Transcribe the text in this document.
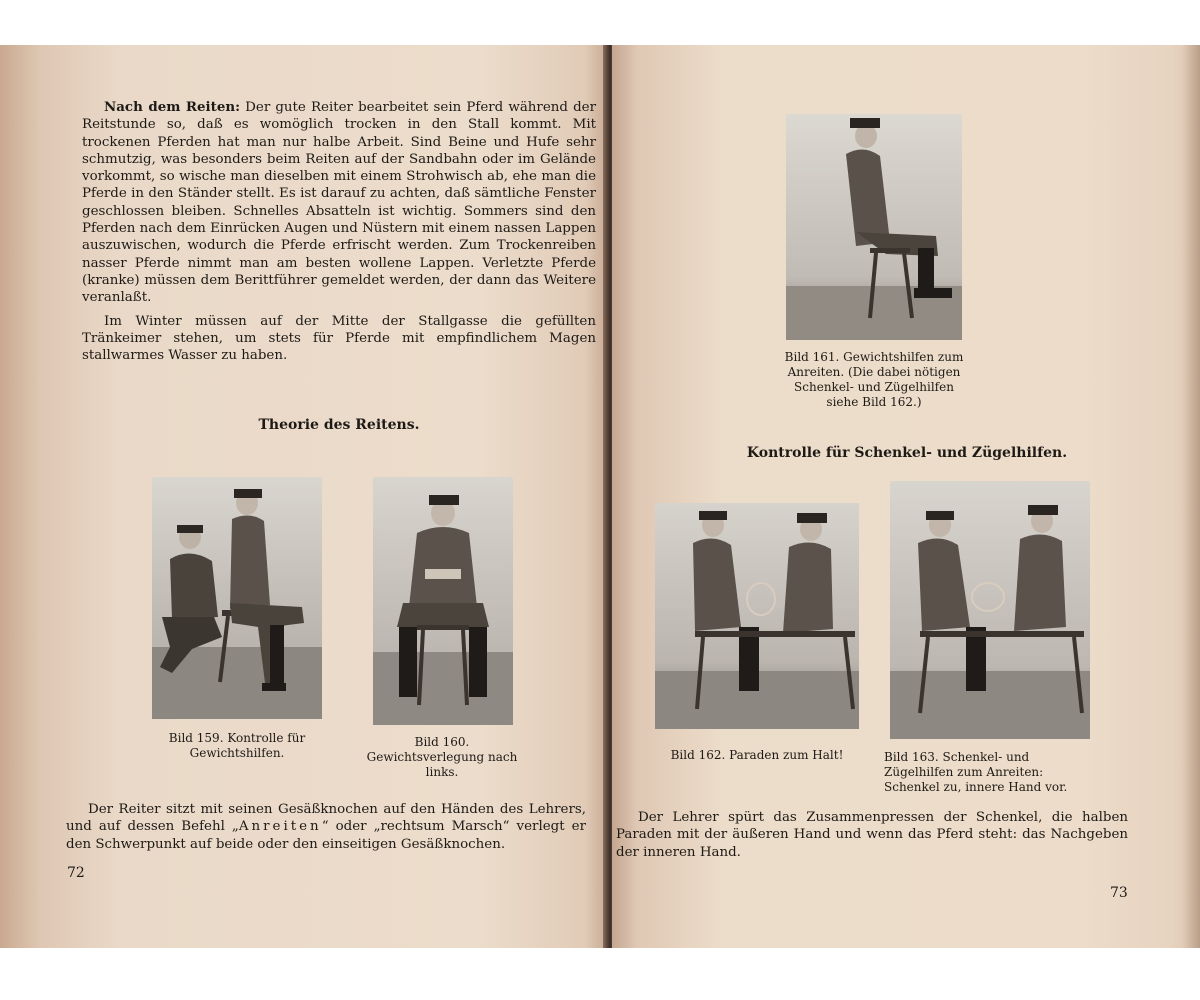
Nach dem Reiten: Der gute Reiter bearbeitet sein Pferd während der Reitstunde so, daß es womöglich trocken in den Stall kommt. Mit trockenen Pferden hat man nur halbe Arbeit. Sind Beine und Hufe sehr schmutzig, was besonders beim Reiten auf der Sandbahn oder im Gelände vorkommt, so wische man dieselben mit einem Strohwisch ab, ehe man die Pferde in den Ständer stellt. Es ist darauf zu achten, daß sämtliche Fenster geschlossen bleiben. Schnelles Absatteln ist wichtig. Sommers sind den Pferden nach dem Einrücken Augen und Nüstern mit einem nassen Lappen auszuwischen, wodurch die Pferde erfrischt werden. Zum Trockenreiben nasser Pferde nimmt man am besten wollene Lappen. Verletzte Pferde (kranke) müssen dem Berittführer gemeldet werden, der dann das Weitere veranlaßt.

Im Winter müssen auf der Mitte der Stallgasse die gefüllten Tränkeimer stehen, um stets für Pferde mit empfindlichem Magen stallwarmes Wasser zu haben.

Theorie des Reitens.
Bild 159. Kontrolle für Gewichtshilfen.
Bild 160. Gewichtsverlegung nach links.

Der Reiter sitzt mit seinen Gesäßknochen auf den Händen des Lehrers, und auf dessen Befehl „Anreiten“ oder „rechtsum Marsch“ verlegt er den Schwerpunkt auf beide oder den einseitigen Gesäßknochen.

72
Bild 161. Gewichtshilfen zum Anreiten. (Die dabei nötigen Schenkel- und Zügelhilfen siehe Bild 162.)
Kontrolle für Schenkel- und Zügelhilfen.
Bild 162. Paraden zum Halt!	Bild 163. Schenkel- und Zügelhilfen zum Anreiten: Schenkel zu, innere Hand vor.

Der Lehrer spürt das Zusammenpressen der Schenkel, die halben Paraden mit der äußeren Hand und wenn das Pferd steht: das Nachgeben der inneren Hand.

73
